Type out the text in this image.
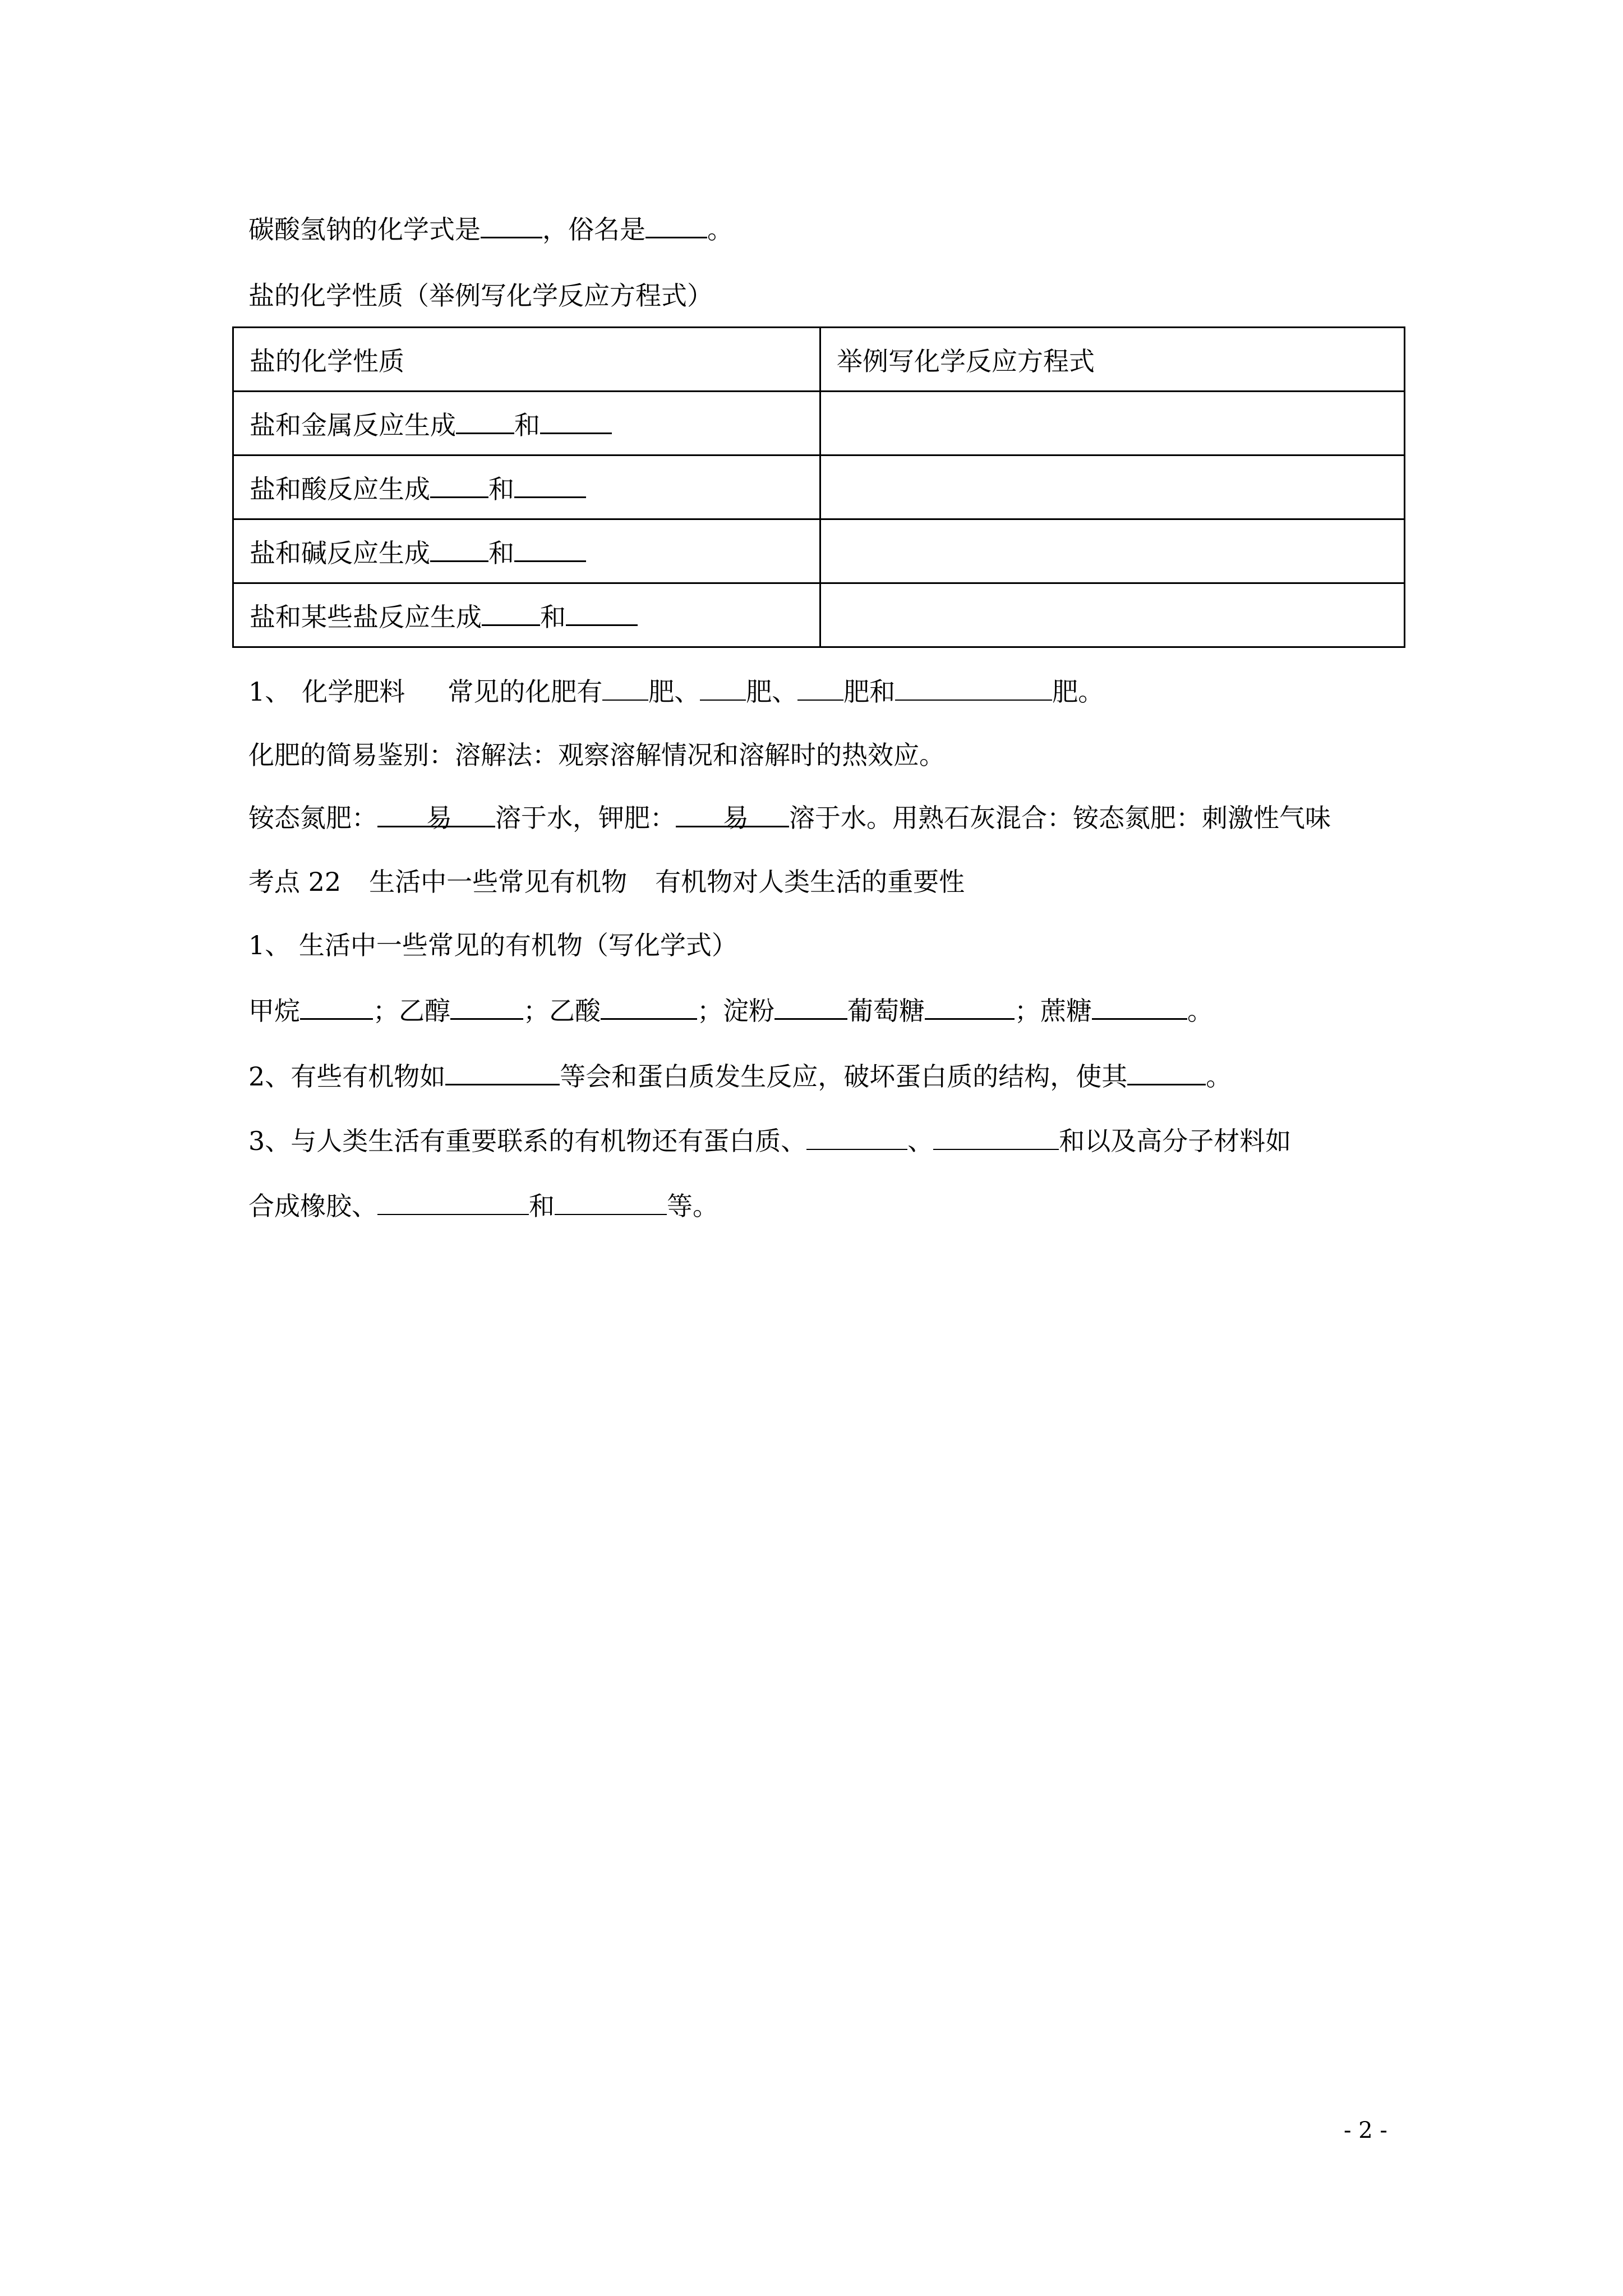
碳酸氢钠的化学式是 ，俗名是 。
盐的化学性质（举例写化学反应方程式）
盐的化学性质	举例写化学反应方程式
盐和金属反应生成 和	
盐和酸反应生成 和	
盐和碱反应生成 和	
盐和某些盐反应生成 和	
1、 化学肥料 常见的化肥有 肥、 肥、 肥和	肥。
化肥的简易鉴别：溶解法：观察溶解情况和溶解时的热效应。
铵态氮肥： 易 溶于水，钾肥： 易 溶于水。用熟石灰混合：铵态氮肥：刺激性气味
考点 22 生活中一些常见有机物 有机物对人类生活的重要性
1、 生活中一些常见的有机物（写化学式）
甲烷	；乙醇	；乙酸	；淀粉	葡萄糖	；蔗糖	。
2、有些有机物如	等会和蛋白质发生反应，破坏蛋白质的结构，使其	。
3、与人类生活有重要联系的有机物还有蛋白质、	、	和以及高分子材料如
合成橡胶、	和	等。
- 2 -
